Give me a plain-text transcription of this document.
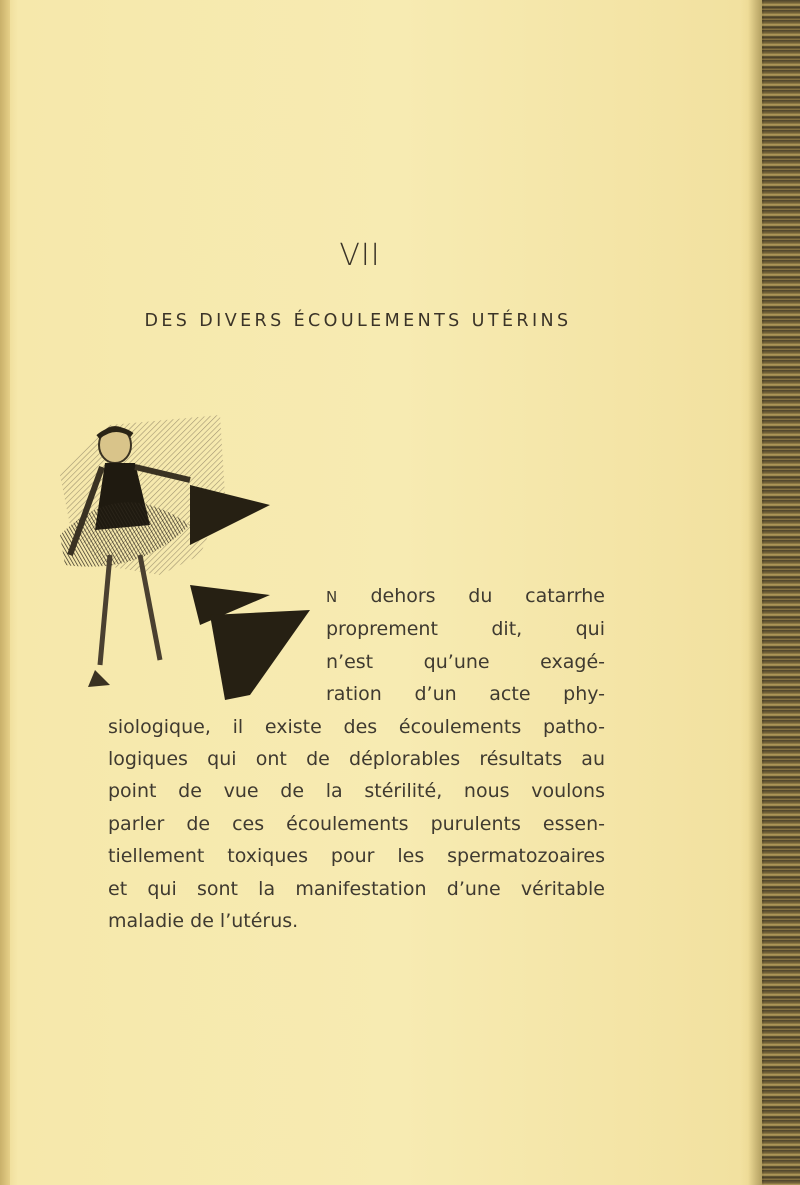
VII
DES DIVERS ÉCOULEMENTS UTÉRINS
N dehors du catarrhe
proprement dit, qui
n’est qu’une exagé-
ration d’un acte phy-
siologique, il existe des écoulements patho-
logiques qui ont de déplorables résultats au
point de vue de la stérilité, nous voulons
parler de ces écoulements purulents essen-
tiellement toxiques pour les spermatozoaires
et qui sont la manifestation d’une véritable
maladie de l’utérus.
